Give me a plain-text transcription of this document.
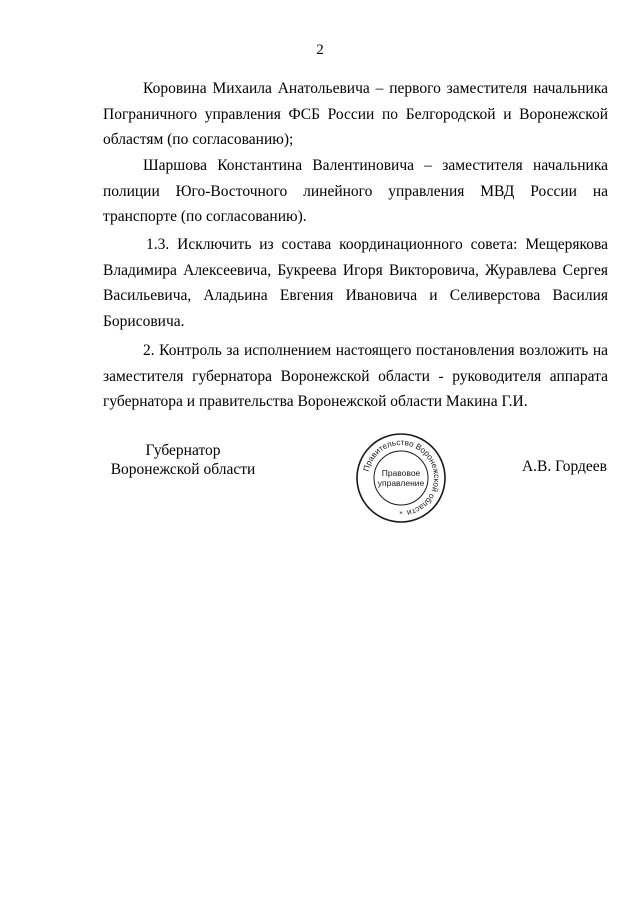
2

Коровина Михаила Анатольевича – первого заместителя начальника Пограничного управления ФСБ России по Белгородской и Воронежской областям (по согласованию);

Шаршова Константина Валентиновича – заместителя начальника полиции Юго-Восточного линейного управления МВД России на транспорте (по согласованию).

1.3. Исключить из состава координационного совета: Мещерякова Владимира Алексеевича, Букреева Игоря Викторовича, Журавлева Сергея Васильевича, Аладьина Евгения Ивановича и Селиверстова Василия Борисовича.

2. Контроль за исполнением настоящего постановления возложить на заместителя губернатора Воронежской области - руководителя аппарата губернатора и правительства Воронежской области Макина Г.И.

Губернатор
Воронежской области	Правительство Воронежской области
Правовое
управление
*
А.В. Гордеев
